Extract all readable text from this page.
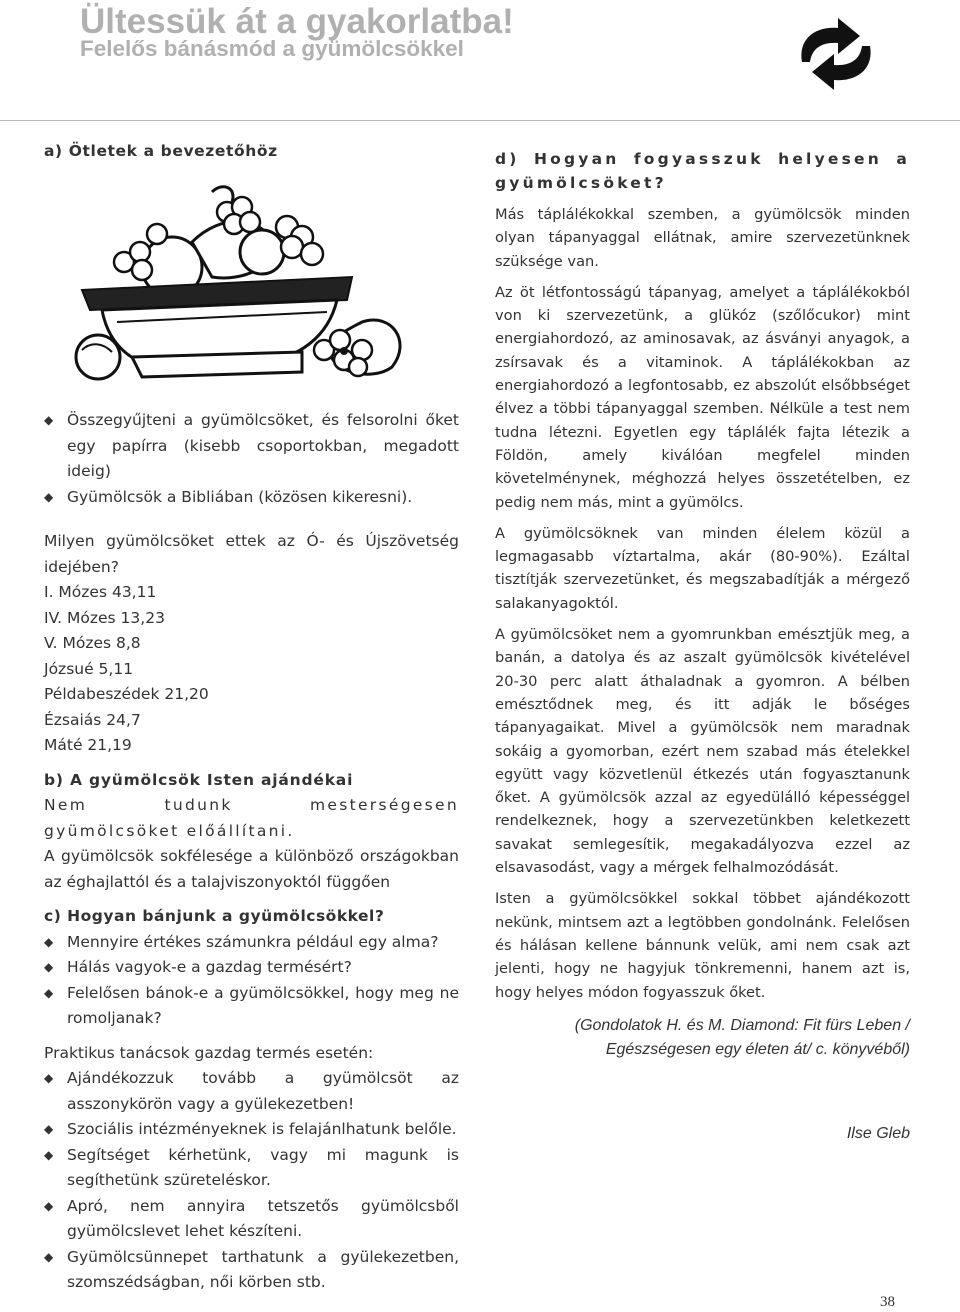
Ültessük át a gyakorlatba!
Felelős bánásmód a gyümölcsökkel

a) Ötletek a bevezetőhöz

◆ Összegyűjteni a gyümölcsöket, és felsorolni őket egy papírra (kisebb csoportokban, megadott ideig)
◆ Gyümölcsök a Bibliában (közösen kikeresni).

Milyen gyümölcsöket ettek az Ó- és Újszövetség idejében?

I. Mózes 43,11

IV. Mózes 13,23

V. Mózes 8,8

Józsué 5,11

Példabeszédek 21,20

Ézsaiás 24,7

Máté 21,19

b) A gyümölcsök Isten ajándékai

Nem tudunk mesterségesen gyümölcsöket előállítani.

A gyümölcsök sokfélesége a különböző országokban az éghajlattól és a talajviszonyoktól függően

c) Hogyan bánjunk a gyümölcsökkel?

◆ Mennyire értékes számunkra például egy alma?
◆ Hálás vagyok-e a gazdag termésért?
◆ Felelősen bánok-e a gyümölcsökkel, hogy meg ne romoljanak?

Praktikus tanácsok gazdag termés esetén:

◆ Ajándékozzuk tovább a gyümölcsöt az asszonykörön vagy a gyülekezetben!
◆ Szociális intézményeknek is felajánlhatunk belőle.
◆ Segítséget kérhetünk, vagy mi magunk is segíthetünk szüreteléskor.
◆ Apró, nem annyira tetszetős gyümölcsből gyümölcslevet lehet készíteni.
◆ Gyümölcsünnepet tarthatunk a gyülekezetben, szomszédságban, női körben stb.

d) Hogyan fogyasszuk helyesen a gyümölcsöket?

Más táplálékokkal szemben, a gyümölcsök minden olyan tápanyaggal ellátnak, amire szervezetünknek szüksége van.

Az öt létfontosságú tápanyag, amelyet a táplálékokból von ki szervezetünk, a glükóz (szőlőcukor) mint energiahordozó, az aminosavak, az ásványi anyagok, a zsírsavak és a vitaminok. A táplálékokban az energiahordozó a legfontosabb, ez abszolút elsőbbséget élvez a többi tápanyaggal szemben. Nélküle a test nem tudna létezni. Egyetlen egy táplálék fajta létezik a Földön, amely kiválóan megfelel minden követelménynek, méghozzá helyes összetételben, ez pedig nem más, mint a gyümölcs.

A gyümölcsöknek van minden élelem közül a legmagasabb víztartalma, akár (80-90%). Ezáltal tisztítják szervezetünket, és megszabadítják a mérgező salakanyagoktól.

A gyümölcsöket nem a gyomrunkban emésztjük meg, a banán, a datolya és az aszalt gyümölcsök kivételével 20-30 perc alatt áthaladnak a gyomron. A bélben emésztődnek meg, és itt adják le bőséges tápanyagaikat. Mivel a gyümölcsök nem maradnak sokáig a gyomorban, ezért nem szabad más ételekkel együtt vagy közvetlenül étkezés után fogyasztanunk őket. A gyümölcsök azzal az egyedülálló képességgel rendelkeznek, hogy a szervezetünkben keletkezett savakat semlegesítik, megakadályozva ezzel az elsavasodást, vagy a mérgek felhalmozódását.

Isten a gyümölcsökkel sokkal többet ajándékozott nekünk, mintsem azt a legtöbben gondolnánk. Felelősen és hálásan kellene bánnunk velük, ami nem csak azt jelenti, hogy ne hagyjuk tönkremenni, hanem azt is, hogy helyes módon fogyasszuk őket.

(Gondolatok H. és M. Diamond: Fit fürs Leben /
Egészségesen egy életen át/ c. könyvéből)

Ilse Gleb

38
